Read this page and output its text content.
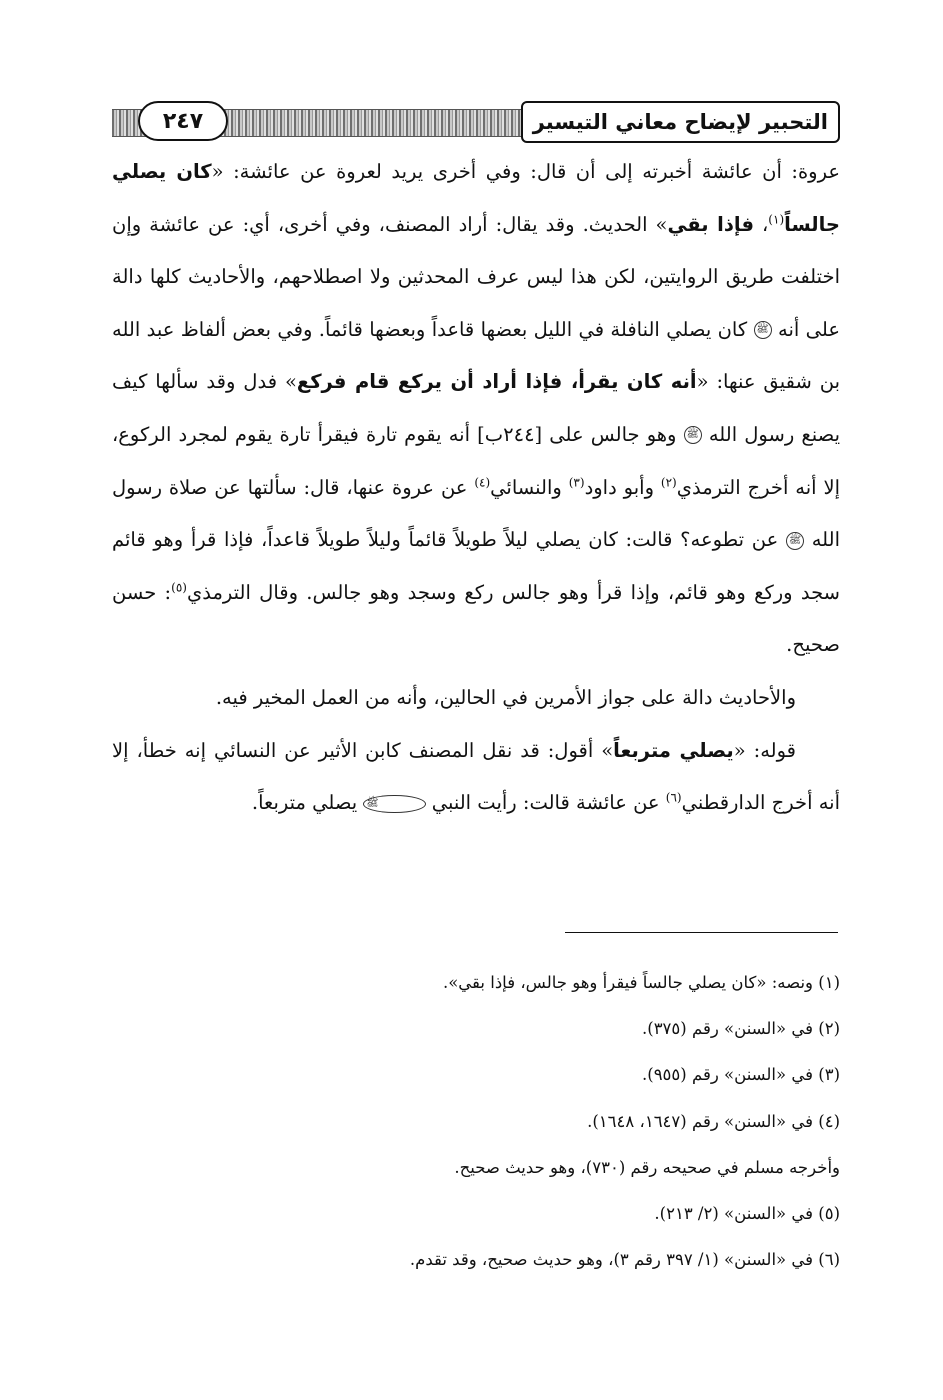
التحبير لإيضاح معاني التيسير
٢٤٧

عروة: أن عائشة أخبرته إلى أن قال: وفي أخرى يريد لعروة عن عائشة: «كان يصلي جالساً$^{(١)}$، فإذا بقي» الحديث. وقد يقال: أراد المصنف، وفي أخرى، أي: عن عائشة وإن اختلفت طريق الروايتين، لكن هذا ليس عرف المحدثين ولا اصطلاحهم، والأحاديث كلها دالة على أنه ﷺ كان يصلي النافلة في الليل بعضها قاعداً وبعضها قائماً. وفي بعض ألفاظ عبد الله بن شقيق عنها: «أنه كان يقرأ، فإذا أراد أن يركع قام فركع» فدل وقد سألها كيف يصنع رسول الله ﷺ وهو جالس على [٢٤٤ب] أنه يقوم تارة فيقرأ تارة يقوم لمجرد الركوع، إلا أنه أخرج الترمذي$^{(٢)}$ وأبو داود$^{(٣)}$ والنسائي$^{(٤)}$ عن عروة عنها، قال: سألتها عن صلاة رسول الله ﷺ عن تطوعه؟ قالت: كان يصلي ليلاً طويلاً قائماً وليلاً طويلاً قاعداً، فإذا قرأ وهو قائم سجد وركع وهو قائم، وإذا قرأ وهو جالس ركع وسجد وهو جالس. وقال الترمذي$^{(٥)}$: حسن صحيح.

والأحاديث دالة على جواز الأمرين في الحالين، وأنه من العمل المخير فيه.

قوله: «يصلي متربعاً» أقول: قد نقل المصنف كابن الأثير عن النسائي إنه خطأ، إلا أنه أخرج الدارقطني$^{(٦)}$ عن عائشة قالت: رأيت النبي ﷺ يصلي متربعاً.

(١) ونصه: «كان يصلي جالساً فيقرأ وهو جالس، فإذا بقي».

(٢) في «السنن» رقم (٣٧٥).

(٣) في «السنن» رقم (٩٥٥).

(٤) في «السنن» رقم (١٦٤٧، ١٦٤٨).

وأخرجه مسلم في صحيحه رقم (٧٣٠)، وهو حديث صحيح.

(٥) في «السنن» (٢/ ٢١٣).

(٦) في «السنن» (١/ ٣٩٧ رقم ٣)، وهو حديث صحيح، وقد تقدم.
